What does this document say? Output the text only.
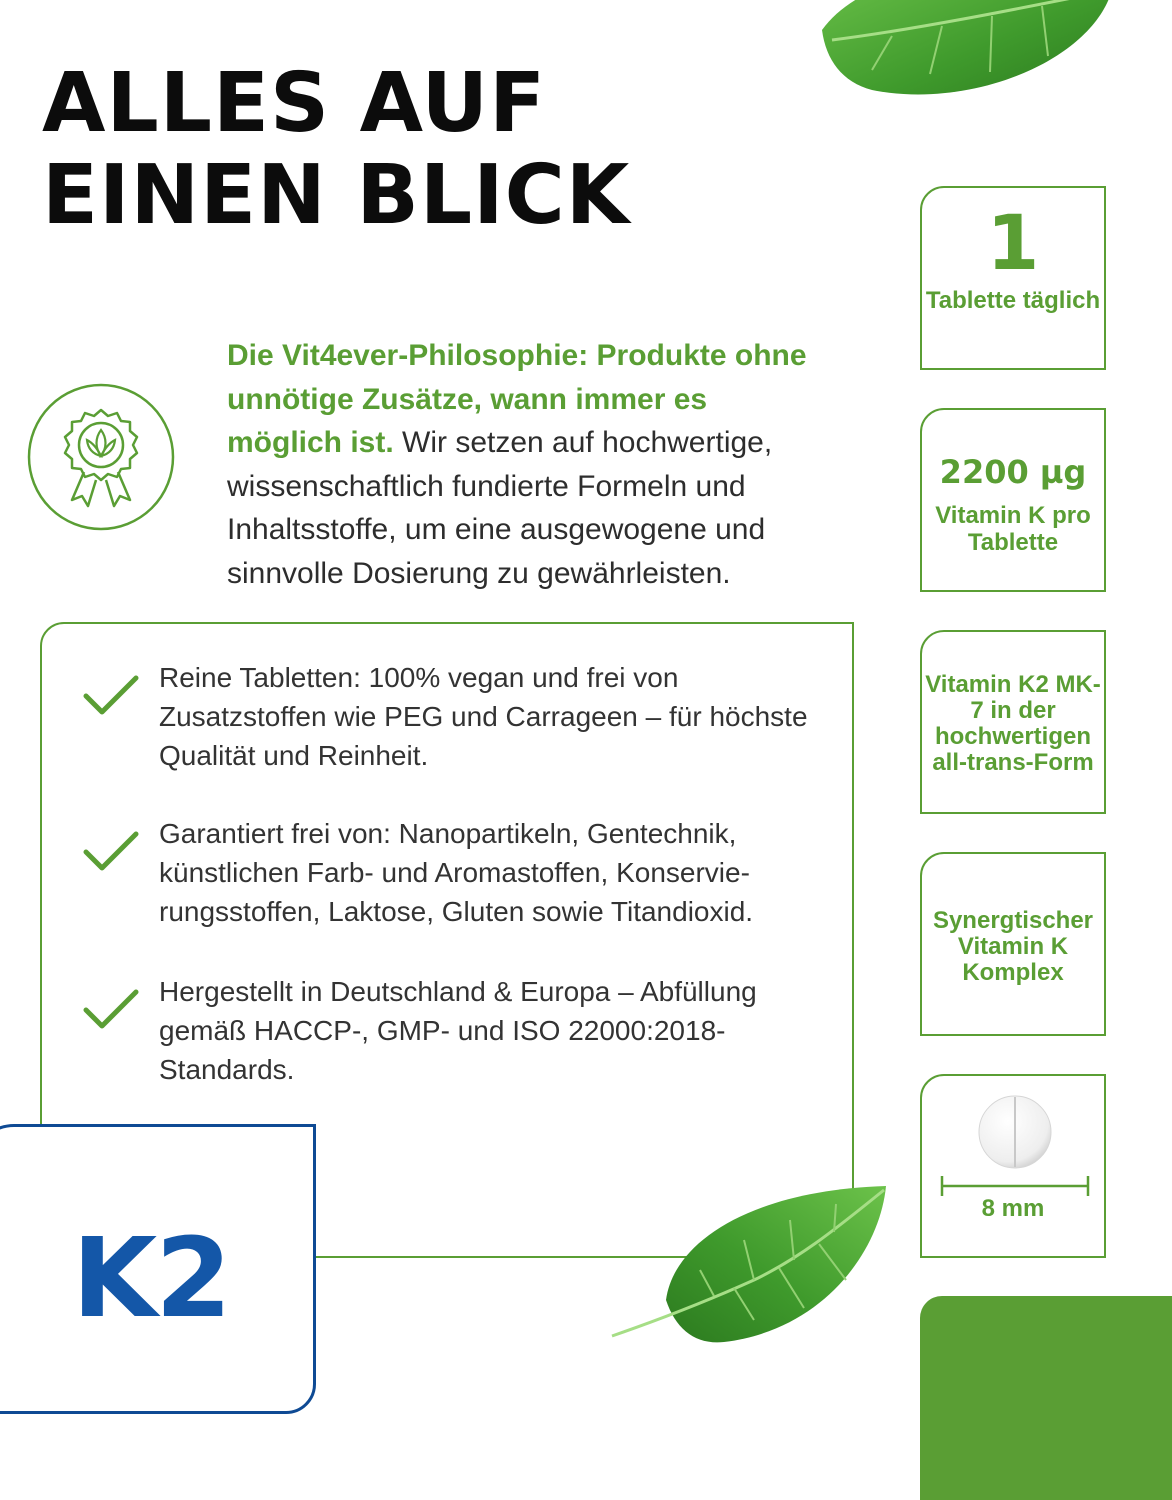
ALLES AUF
EINEN BLICK

Die Vit4ever-Philosophie: Produkte ohne unnötige Zusätze, wann immer es möglich ist. Wir setzen auf hochwertige, wissenschaftlich fundierte Formeln und Inhaltsstoffe, um eine ausgewogene und sinnvolle Dosierung zu gewährleisten.

Reine Tabletten: 100% vegan und frei von Zusatzstoffen wie PEG und Carrageen – für höchste Qualität und Reinheit.

Garantiert frei von: Nanopartikeln, Gentechnik, künstlichen Farb- und Aromastoffen, Konservie-rungsstoffen, Laktose, Gluten sowie Titandioxid.

Hergestellt in Deutschland & Europa – Abfüllung gemäß HACCP-, GMP- und ISO 22000:2018-Standards.

K2

1
Tablette täglich
2200 µg
Vitamin K pro Tablette
Vitamin K2 MK-7 in der hochwertigen all-trans-Form
Synergtischer Vitamin K Komplex
8 mm
